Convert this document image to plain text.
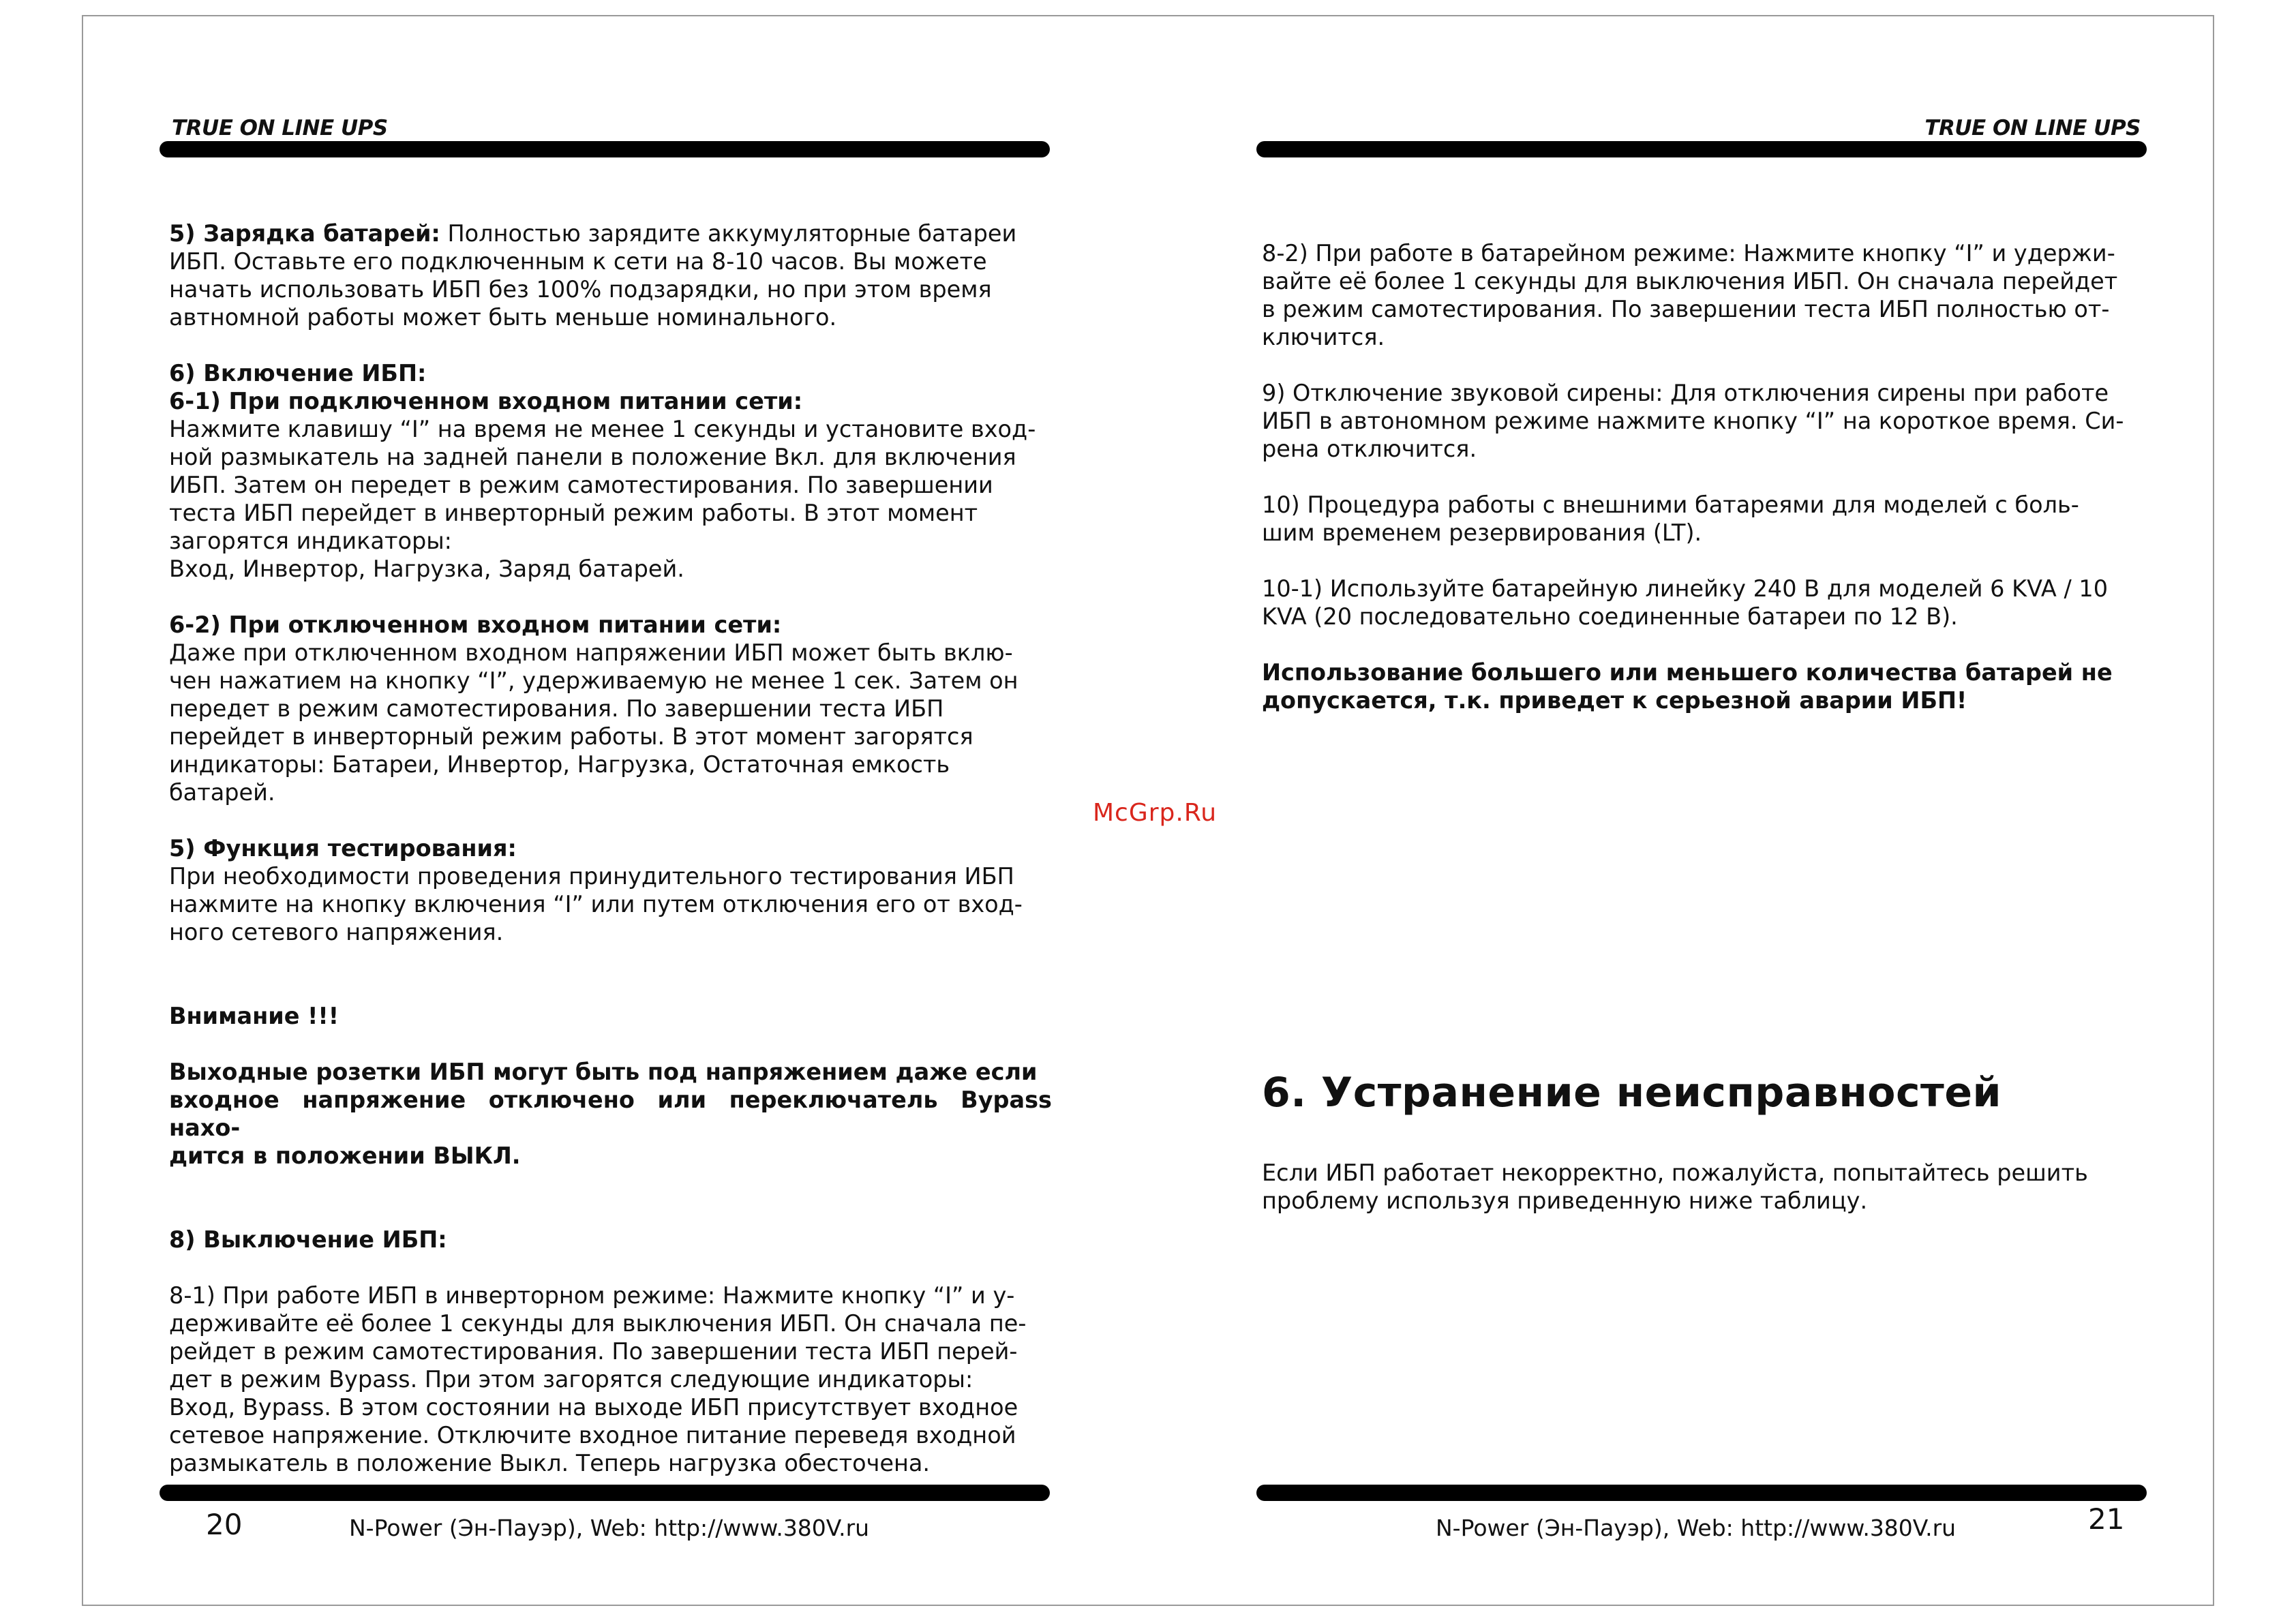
TRUE ON LINE UPS	TRUE ON LINE UPS

5) Зарядка батарей: Полностью зарядите аккумуляторные батареи

ИБП. Оставьте его подключенным к сети на 8-10 часов. Вы можете

начать использовать ИБП без 100% подзарядки, но при этом время

автномной работы может быть меньше номинального.

6) Включение ИБП:

6-1) При подключенном входном питании сети:

Нажмите клавишу “I” на время не менее 1 секунды и установите вход-

ной размыкатель на задней панели в положение Вкл. для включения

ИБП. Затем он передет в режим самотестирования. По завершении

теста ИБП перейдет в инверторный режим работы. В этот момент

загорятся индикаторы:

Вход, Инвертор, Нагрузка, Заряд батарей.

6-2) При отключенном входном питании сети:

Даже при отключенном входном напряжении ИБП может быть вклю-

чен нажатием на кнопку “I”, удерживаемую не менее 1 сек. Затем он

передет в режим самотестирования. По завершении теста ИБП

перейдет в инверторный режим работы. В этот момент загорятся

индикаторы: Батареи, Инвертор, Нагрузка, Остаточная емкость

батарей.

5) Функция тестирования:

При необходимости проведения принудительного тестирования ИБП

нажмите на кнопку включения “I” или путем отключения его от вход-

ного сетевого напряжения.

Внимание !!!

Выходные розетки ИБП могут быть под напряжением даже если

входное напряжение отключено или переключатель Bypass нахо-

дится в положении ВЫКЛ.

8) Выключение ИБП:

8-1) При работе ИБП в инверторном режиме: Нажмите кнопку “I” и у-

держивайте её более 1 секунды для выключения ИБП. Он сначала пе-

рейдет в режим самотестирования. По завершении теста ИБП перей-

дет в режим Bypass. При этом загорятся следующие индикаторы:

Вход, Bypass. В этом состоянии на выходе ИБП присутствует входное

сетевое напряжение. Отключите входное питание переведя входной

размыкатель в положение Выкл. Теперь нагрузка обесточена.

8-2) При работе в батарейном режиме: Нажмите кнопку “I” и удержи-

вайте её более 1 секунды для выключения ИБП. Он сначала перейдет

в режим самотестирования. По завершении теста ИБП полностью от-

ключится.

9) Отключение звуковой сирены: Для отключения сирены при работе

ИБП в автономном режиме нажмите кнопку “I” на короткое время. Си-

рена отключится.

10) Процедура работы с внешними батареями для моделей с боль-

шим временем резервирования (LT).

10-1) Используйте батарейную линейку 240 В для моделей 6 KVA / 10

KVA (20 последовательно соединенные батареи по 12 В).

Использование большего или меньшего количества батарей не

допускается, т.к. приведет к серьезной аварии ИБП!

6. Устранение неисправностей

Если ИБП работает некорректно, пожалуйста, попытайтесь решить

проблему используя приведенную ниже таблицу.

McGrp.Ru
20	N-Power (Эн-Пауэр), Web: http://www.380V.ru	N-Power (Эн-Пауэр), Web: http://www.380V.ru	21
